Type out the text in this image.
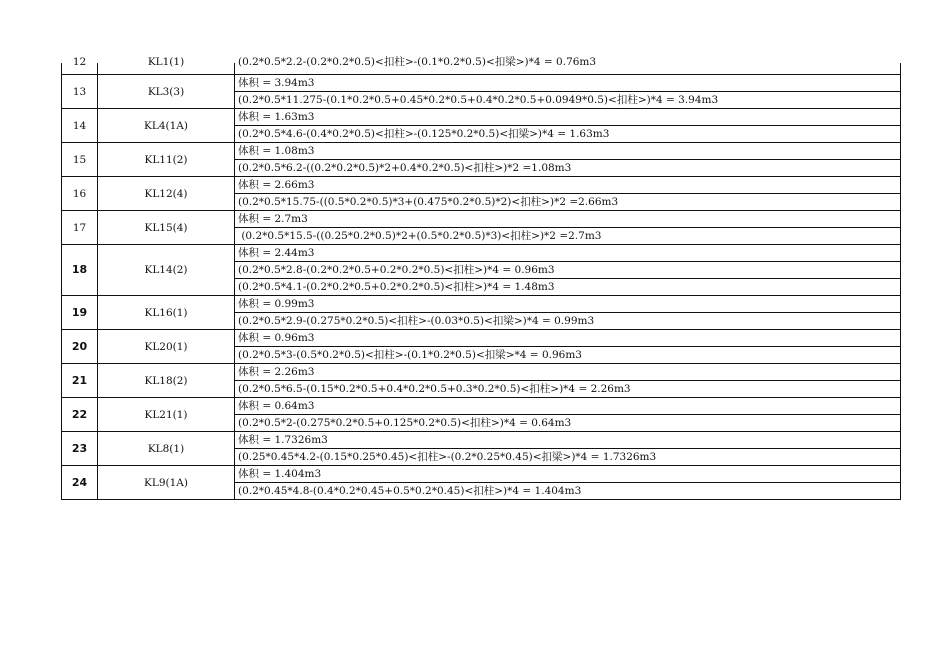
12	KL1(1)	(0.2*0.5*2.2-(0.2*0.2*0.5)<扣柱>-(0.1*0.2*0.5)<扣梁>)*4 = 0.76m3

13	KL3(3)	体积 = 3.94m3
		(0.2*0.5*11.275-(0.1*0.2*0.5+0.45*0.2*0.5+0.4*0.2*0.5+0.0949*0.5)<扣柱>)*4 = 3.94m3
14	KL4(1A)	体积 = 1.63m3
		(0.2*0.5*4.6-(0.4*0.2*0.5)<扣柱>-(0.125*0.2*0.5)<扣梁>)*4 = 1.63m3
15	KL11(2)	体积 = 1.08m3
		(0.2*0.5*6.2-((0.2*0.2*0.5)*2+0.4*0.2*0.5)<扣柱>)*2 =1.08m3
16	KL12(4)	体积 = 2.66m3
		(0.2*0.5*15.75-((0.5*0.2*0.5)*3+(0.475*0.2*0.5)*2)<扣柱>)*2 =2.66m3
17	KL15(4)	体积 = 2.7m3
		(0.2*0.5*15.5-((0.25*0.2*0.5)*2+(0.5*0.2*0.5)*3)<扣柱>)*2 =2.7m3
18	KL14(2)	体积 = 2.44m3
		(0.2*0.5*2.8-(0.2*0.2*0.5+0.2*0.2*0.5)<扣柱>)*4 = 0.96m3
		(0.2*0.5*4.1-(0.2*0.2*0.5+0.2*0.2*0.5)<扣柱>)*4 = 1.48m3
19	KL16(1)	体积 = 0.99m3
		(0.2*0.5*2.9-(0.275*0.2*0.5)<扣柱>-(0.03*0.5)<扣梁>)*4 = 0.99m3
20	KL20(1)	体积 = 0.96m3
		(0.2*0.5*3-(0.5*0.2*0.5)<扣柱>-(0.1*0.2*0.5)<扣梁>*4 = 0.96m3
21	KL18(2)	体积 = 2.26m3
		(0.2*0.5*6.5-(0.15*0.2*0.5+0.4*0.2*0.5+0.3*0.2*0.5)<扣柱>)*4 = 2.26m3
22	KL21(1)	体积 = 0.64m3
		(0.2*0.5*2-(0.275*0.2*0.5+0.125*0.2*0.5)<扣柱>)*4 = 0.64m3
23	KL8(1)	体积 = 1.7326m3
		(0.25*0.45*4.2-(0.15*0.25*0.45)<扣柱>-(0.2*0.25*0.45)<扣梁>)*4 = 1.7326m3
24	KL9(1A)	体积 = 1.404m3
		(0.2*0.45*4.8-(0.4*0.2*0.45+0.5*0.2*0.45)<扣柱>)*4 = 1.404m3
